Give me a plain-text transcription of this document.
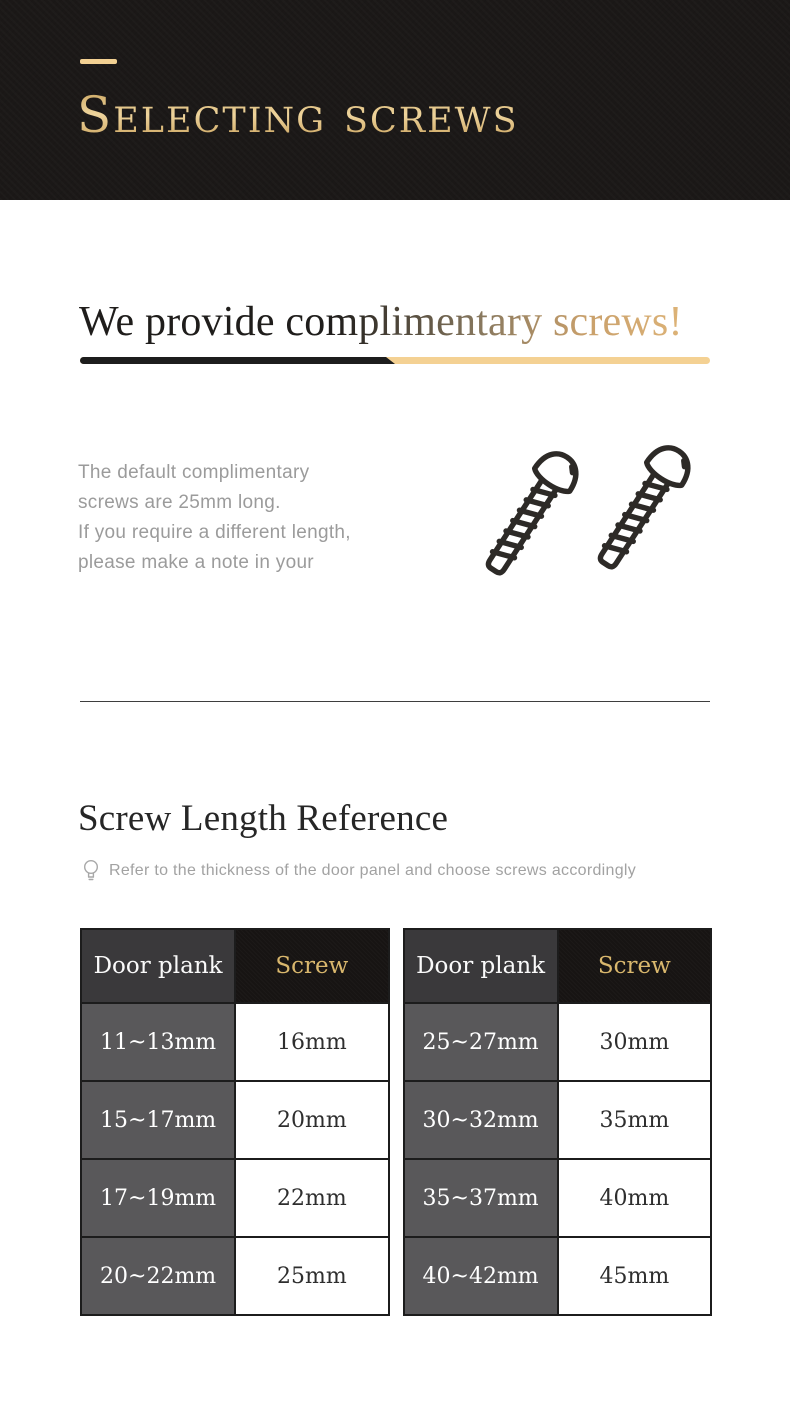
Selecting screws
We provide complimentary screws!

The default complimentary
screws are 25mm long.
If you require a different length,
please make a note in your

Screw Length Reference
Refer to the thickness of the door panel and choose screws accordingly
Door plank	Screw
11~13mm	16mm
15~17mm	20mm
17~19mm	22mm
20~22mm	25mm
Door plank	Screw
25~27mm	30mm
30~32mm	35mm
35~37mm	40mm
40~42mm	45mm
